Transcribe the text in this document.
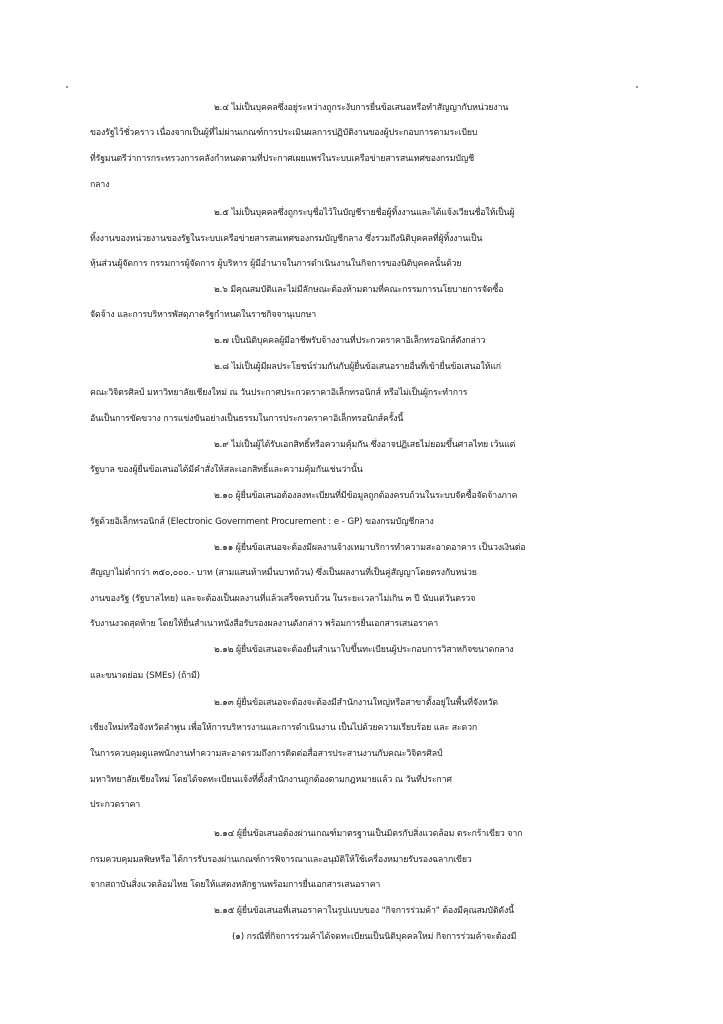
๒.๔ ไม่เป็นบุคคลซึ่งอยู่ระหว่างถูกระงับการยื่นข้อเสนอหรือทำสัญญากับหน่วยงาน
ของรัฐไว้ชั่วคราว เนื่องจากเป็นผู้ที่ไม่ผ่านเกณฑ์การประเมินผลการปฏิบัติงานของผู้ประกอบการตามระเบียบ
ที่รัฐมนตรีว่าการกระทรวงการคลังกำหนดตามที่ประกาศเผยแพร่ในระบบเครือข่ายสารสนเทศของกรมบัญชี
กลาง
๒.๕ ไม่เป็นบุคคลซึ่งถูกระบุชื่อไว้ในบัญชีรายชื่อผู้ทิ้งงานและได้แจ้งเวียนชื่อให้เป็นผู้
ทิ้งงานของหน่วยงานของรัฐในระบบเครือข่ายสารสนเทศของกรมบัญชีกลาง ซึ่งรวมถึงนิติบุคคลที่ผู้ทิ้งงานเป็น
หุ้นส่วนผู้จัดการ กรรมการผู้จัดการ ผู้บริหาร ผู้มีอำนาจในการดำเนินงานในกิจการของนิติบุคคลนั้นด้วย
๒.๖ มีคุณสมบัติและไม่มีลักษณะต้องห้ามตามที่คณะกรรมการนโยบายการจัดซื้อ
จัดจ้าง และการบริหารพัสดุภาครัฐกำหนดในราชกิจจานุเบกษา
๒.๗ เป็นนิติบุคคลผู้มีอาชีพรับจ้างงานที่ประกวดราคาอิเล็กทรอนิกส์ดังกล่าว
๒.๘ ไม่เป็นผู้มีผลประโยชน์ร่วมกันกับผู้ยื่นข้อเสนอรายอื่นที่เข้ายื่นข้อเสนอให้แก่
คณะวิจิตรศิลป์ มหาวิทยาลัยเชียงใหม่ ณ วันประกาศประกวดราคาอิเล็กทรอนิกส์ หรือไม่เป็นผู้กระทำการ
อันเป็นการขัดขวาง การแข่งขันอย่างเป็นธรรมในการประกวดราคาอิเล็กทรอนิกส์ครั้งนี้
๒.๙ ไม่เป็นผู้ได้รับเอกสิทธิ์หรือความคุ้มกัน ซึ่งอาจปฏิเสธไม่ยอมขึ้นศาลไทย เว้นแต่
รัฐบาล ของผู้ยื่นข้อเสนอได้มีคำสั่งให้สละเอกสิทธิ์และความคุ้มกันเช่นว่านั้น
๒.๑๐ ผู้ยื่นข้อเสนอต้องลงทะเบียนที่มีข้อมูลถูกต้องครบถ้วนในระบบจัดซื้อจัดจ้างภาค
รัฐด้วยอิเล็กทรอนิกส์ (Electronic Government Procurement : e - GP) ของกรมบัญชีกลาง
๒.๑๑ ผู้ยื่นข้อเสนอจะต้องมีผลงานจ้างเหมาบริการทำความสะอาดอาคาร เป็นวงเงินต่อ
สัญญาไม่ต่ำกว่า ๓๕๐,๐๐๐.- บาท (สามแสนห้าหมื่นบาทถ้วน) ซึ่งเป็นผลงานที่เป็นคู่สัญญาโดยตรงกับหน่วย
งานของรัฐ (รัฐบาลไทย) และจะต้องเป็นผลงานที่แล้วเสร็จครบถ้วน ในระยะเวลาไม่เกิน ๓ ปี นับแต่วันตรวจ
รับงานงวดสุดท้าย โดยให้ยื่นสำเนาหนังสือรับรองผลงานดังกล่าว พร้อมการยื่นเอกสารเสนอราคา
๒.๑๒ ผู้ยื่นข้อเสนอจะต้องยื่นสำเนาใบขึ้นทะเบียนผู้ประกอบการวิสาหกิจขนาดกลาง
และขนาดย่อม (SMEs) (ถ้ามี)
๒.๑๓ ผู้ยื่นข้อเสนอจะต้องจะต้องมีสำนักงานใหญ่หรือสาขาตั้งอยู่ในพื้นที่จังหวัด
เชียงใหม่หรือจังหวัดลำพูน เพื่อให้การบริหารงานและการดำเนินงาน เป็นไปด้วยความเรียบร้อย และ สะดวก
ในการควบคุมดูแลพนักงานทำความสะอาดรวมถึงการติดต่อสื่อสารประสานงานกับคณะวิจิตรศิลป์
มหาวิทยาลัยเชียงใหม่ โดยได้จดทะเบียนแจ้งที่ตั้งสำนักงานถูกต้องตามกฎหมายแล้ว ณ วันที่ประกาศ
ประกวดราคา
๒.๑๔ ผู้ยื่นข้อเสนอต้องผ่านเกณฑ์มาตรฐานเป็นมิตรกับสิ่งแวดล้อม ตระกร้าเขียว จาก
กรมควบคุมมลพิษหรือ ได้การรับรองผ่านเกณฑ์การพิจารณาและอนุมัติให้ใช้เครื่องหมายรับรองฉลากเขียว
จากสถาบันสิ่งแวดล้อมไทย โดยให้แสดงหลักฐานพร้อมการยื่นเอกสารเสนอราคา
๒.๑๕ ผู้ยื่นข้อเสนอที่เสนอราคาในรูปแบบของ "กิจการร่วมค้า" ต้องมีคุณสมบัติดังนี้
(๑) กรณีที่กิจการร่วมค้าได้จดทะเบียนเป็นนิติบุคคลใหม่ กิจการร่วมค้าจะต้องมี
